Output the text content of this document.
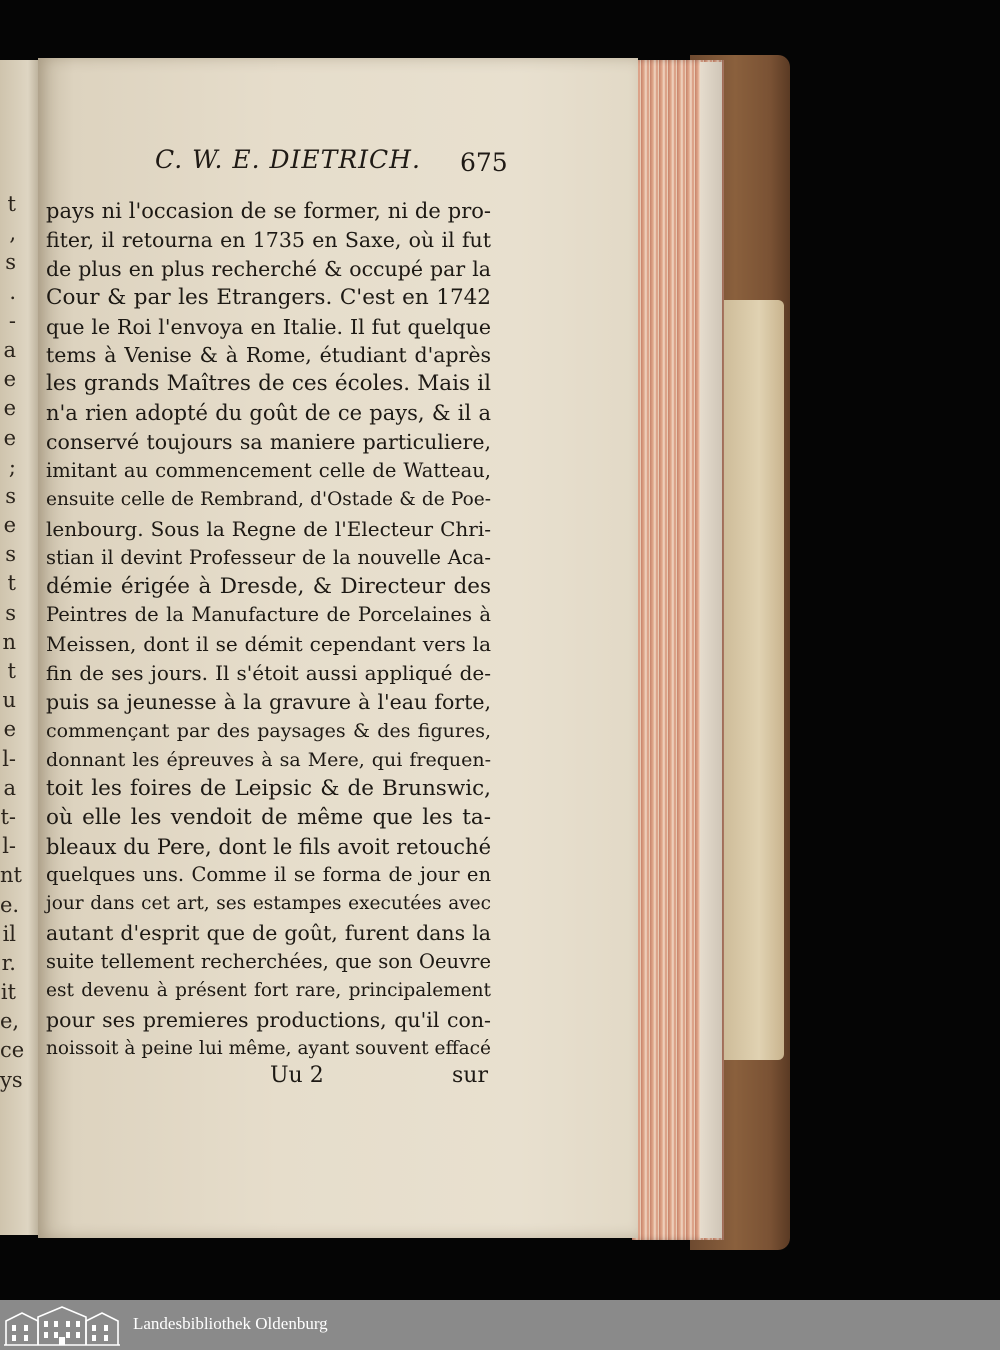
t
,
s
.
-
a
e
e
e
;
s
e
s
t
s
n
t
u
e
l-
a
t-
l-
nt
e.
il
r.
it
e,
ce
ys
C. W. E. DIETRICH. 675
pays ni l'occasion de se former, ni de pro-
fiter, il retourna en 1735 en Saxe, où il fut
de plus en plus recherché & occupé par la
Cour & par les Etrangers. C'est en 1742
que le Roi l'envoya en Italie. Il fut quelque
tems à Venise & à Rome, étudiant d'après
les grands Maîtres de ces écoles. Mais il
n'a rien adopté du goût de ce pays, & il a
conservé toujours sa maniere particuliere,
imitant au commencement celle de Watteau,
ensuite celle de Rembrand, d'Ostade & de Poe-
lenbourg. Sous la Regne de l'Electeur Chri-
stian il devint Professeur de la nouvelle Aca-
démie érigée à Dresde, & Directeur des
Peintres de la Manufacture de Porcelaines à
Meissen, dont il se démit cependant vers la
fin de ses jours. Il s'étoit aussi appliqué de-
puis sa jeunesse à la gravure à l'eau forte,
commençant par des paysages & des figures,
donnant les épreuves à sa Mere, qui frequen-
toit les foires de Leipsic & de Brunswic,
où elle les vendoit de même que les ta-
bleaux du Pere, dont le fils avoit retouché
quelques uns. Comme il se forma de jour en
jour dans cet art, ses estampes executées avec
autant d'esprit que de goût, furent dans la
suite tellement recherchées, que son Oeuvre
est devenu à présent fort rare, principalement
pour ses premieres productions, qu'il con-
noissoit à peine lui même, ayant souvent effacé
Uu 2	sur
Landesbibliothek Oldenburg
